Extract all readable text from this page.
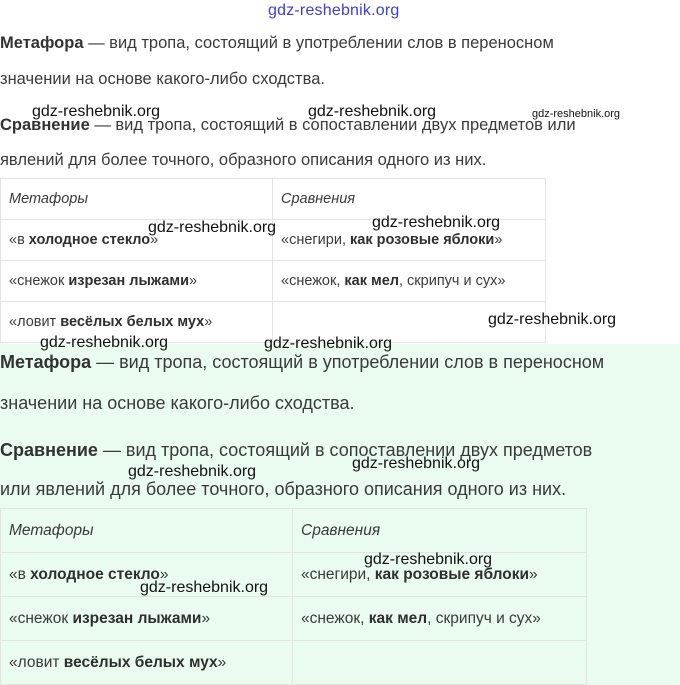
gdz-reshebnik.org

Метафора — вид тропа, состоящий в употреблении слов в переносном

значении на основе какого-либо сходства.

Сравнение — вид тропа, состоящий в сопоставлении двух предметов или

явлений для более точного, образного описания одного из них.

Метафоры	Сравнения
«в холодное стекло»	«снегири, как розовые яблоки»
«снежок изрезан лыжами»	«снежок, как мел, скрипуч и сух»
«ловит весёлых белых мух»	

Метафора — вид тропа, состоящий в употреблении слов в переносном

значении на основе какого-либо сходства.

Сравнение — вид тропа, состоящий в сопоставлении двух предметов

или явлений для более точного, образного описания одного из них.

Метафоры	Сравнения
«в холодное стекло»	«снегири, как розовые яблоки»
«снежок изрезан лыжами»	«снежок, как мел, скрипуч и сух»
«ловит весёлых белых мух»	
gdz-reshebnik.org	gdz-reshebnik.org	gdz-reshebnik.org
gdz-reshebnik.org	gdz-reshebnik.org
gdz-reshebnik.org
gdz-reshebnik.org	gdz-reshebnik.org
gdz-reshebnik.org
gdz-reshebnik.org
gdz-reshebnik.org
gdz-reshebnik.org
